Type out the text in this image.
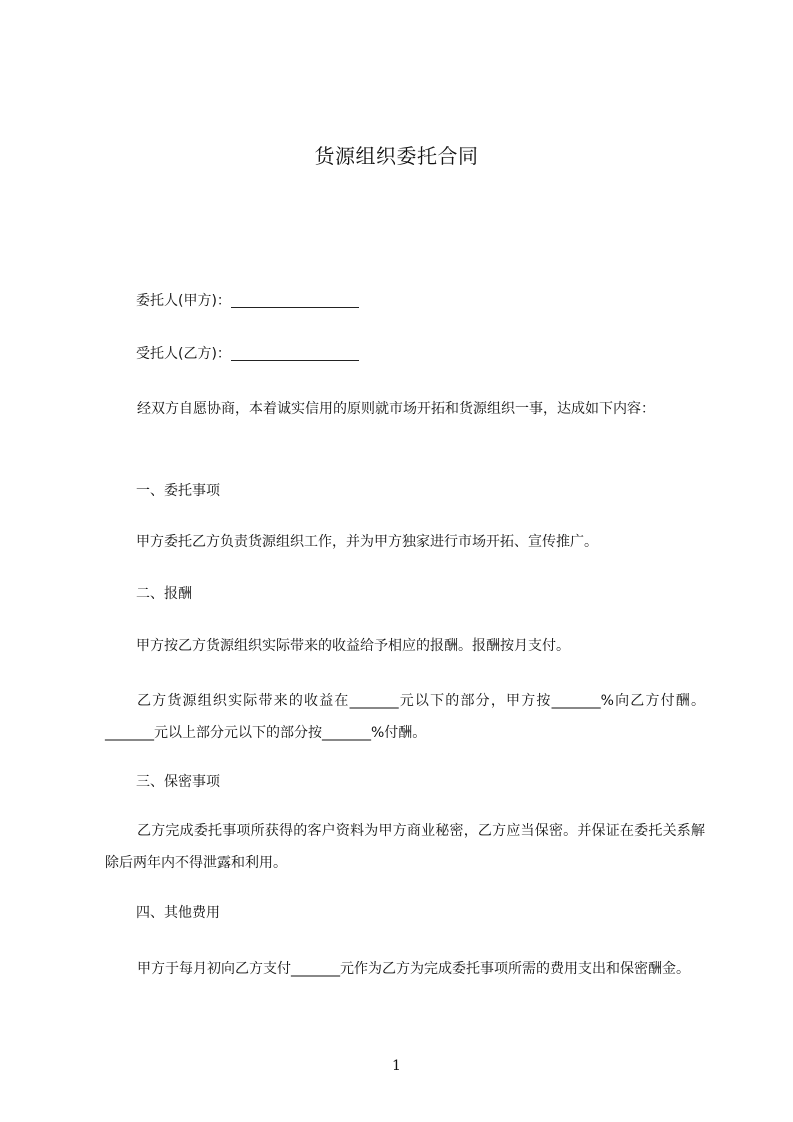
货源组织委托合同
委托人(甲方)：
受托人(乙方)：
经双方自愿协商，本着诚实信用的原则就市场开拓和货源组织一事，达成如下内容：
一、委托事项
甲方委托乙方负责货源组织工作，并为甲方独家进行市场开拓、宣传推广。
二、报酬
甲方按乙方货源组织实际带来的收益给予相应的报酬。报酬按月支付。
乙方货源组织实际带来的收益在_______元以下的部分，甲方按_______%向乙方付酬。_______元以上部分元以下的部分按_______%付酬。
三、保密事项
乙方完成委托事项所获得的客户资料为甲方商业秘密，乙方应当保密。并保证在委托关系解除后两年内不得泄露和利用。
四、其他费用
甲方于每月初向乙方支付_______元作为乙方为完成委托事项所需的费用支出和保密酬金。
1
